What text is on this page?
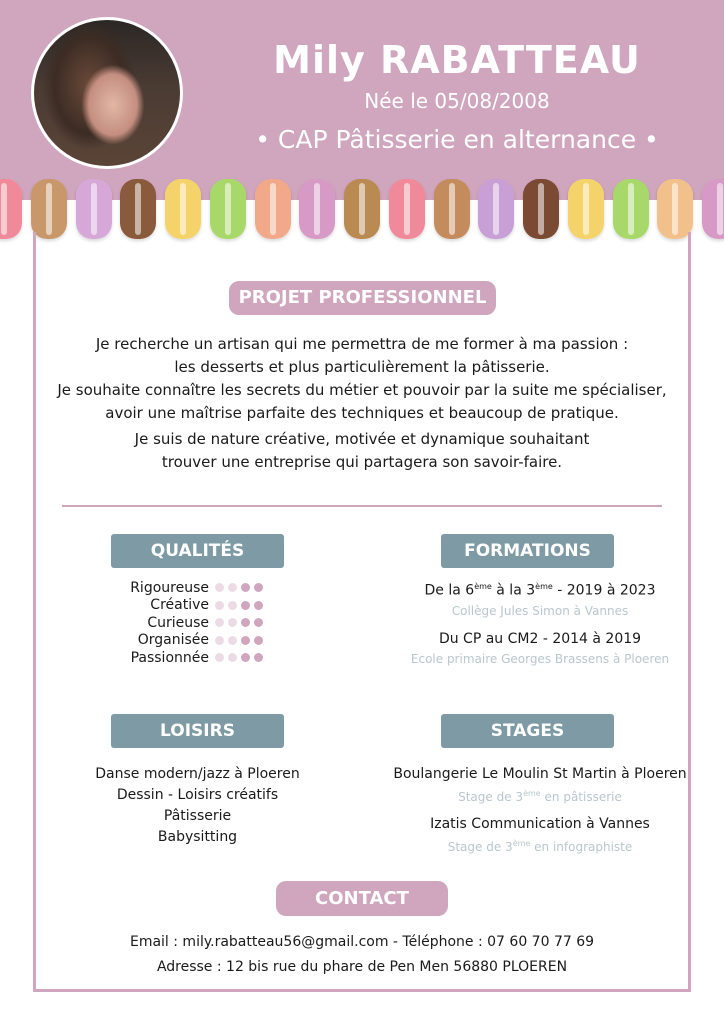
Mily RABATTEAU
Née le 05/08/2008
• CAP Pâtisserie en alternance •
PROJET PROFESSIONNEL
Je recherche un artisan qui me permettra de me former à ma passion :
les desserts et plus particulièrement la pâtisserie.
Je souhaite connaître les secrets du métier et pouvoir par la suite me spécialiser,
avoir une maîtrise parfaite des techniques et beaucoup de pratique.
Je suis de nature créative, motivée et dynamique souhaitant
trouver une entreprise qui partagera son savoir-faire.
QUALITÉS
Rigoureuse
Créative
Curieuse
Organisée
Passionnée
FORMATIONS
De la 6ème à la 3ème - 2019 à 2023
Collège Jules Simon à Vannes
Du CP au CM2 - 2014 à 2019
Ecole primaire Georges Brassens à Ploeren
LOISIRS
Danse modern/jazz à Ploeren
Dessin - Loisirs créatifs
Pâtisserie
Babysitting
STAGES
Boulangerie Le Moulin St Martin à Ploeren
Stage de 3ème en pâtisserie
Izatis Communication à Vannes
Stage de 3ème en infographiste
CONTACT
Email : mily.rabatteau56@gmail.com - Téléphone : 07 60 70 77 69
Adresse : 12 bis rue du phare de Pen Men 56880 PLOEREN
